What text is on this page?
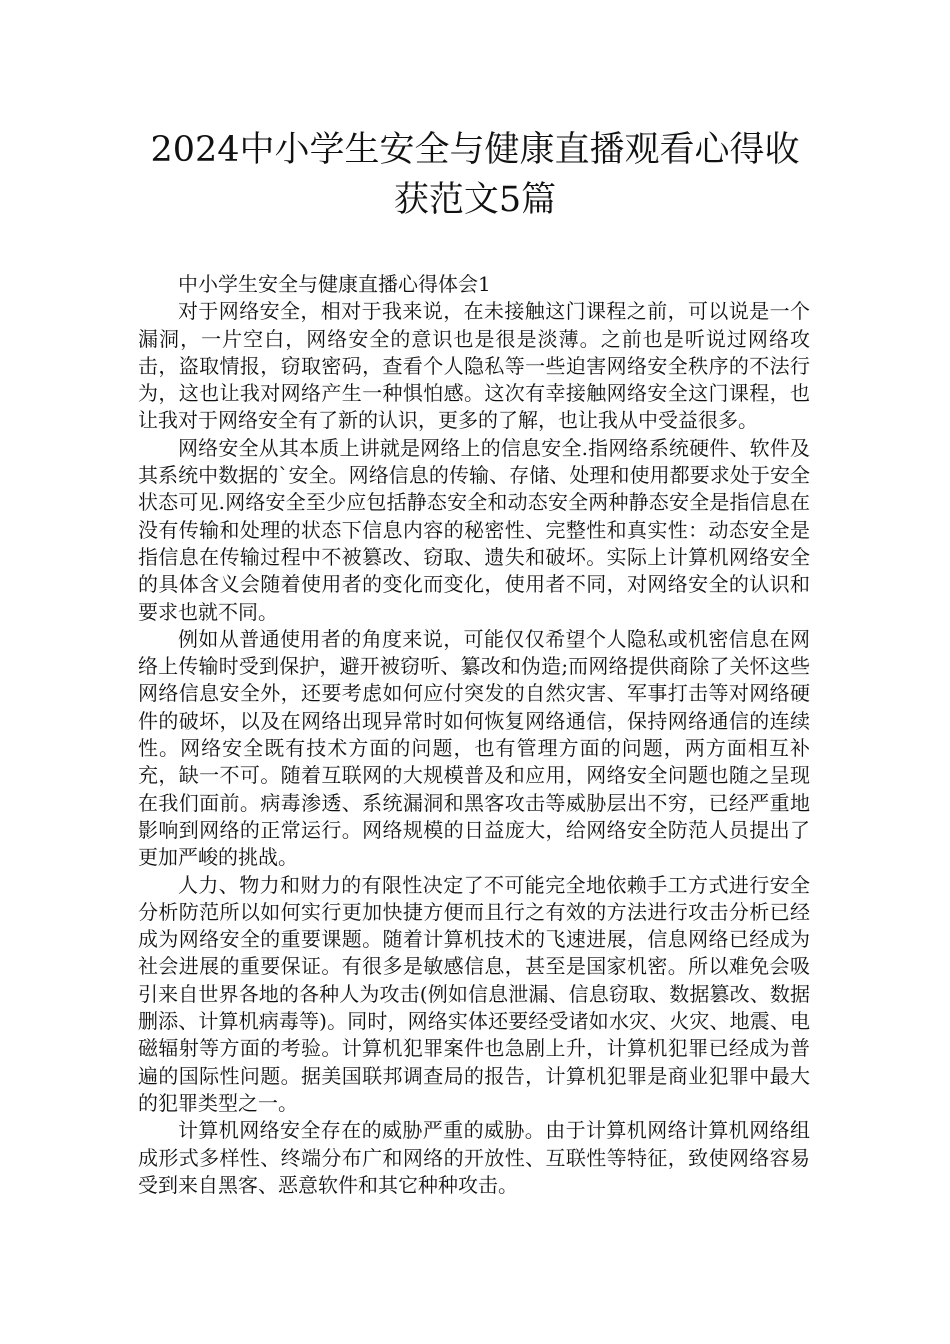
2024中小学生安全与健康直播观看心得收
获范文5篇

中小学生安全与健康直播心得体会1

对于网络安全，相对于我来说，在未接触这门课程之前，可以说是一个漏洞，一片空白，网络安全的意识也是很是淡薄。之前也是听说过网络攻击，盗取情报，窃取密码，查看个人隐私等一些迫害网络安全秩序的不法行为，这也让我对网络产生一种惧怕感。这次有幸接触网络安全这门课程，也让我对于网络安全有了新的认识，更多的了解，也让我从中受益很多。

网络安全从其本质上讲就是网络上的信息安全.指网络系统硬件、软件及其系统中数据的`安全。网络信息的传输、存储、处理和使用都要求处于安全状态可见.网络安全至少应包括静态安全和动态安全两种静态安全是指信息在没有传输和处理的状态下信息内容的秘密性、完整性和真实性：动态安全是指信息在传输过程中不被篡改、窃取、遗失和破坏。实际上计算机网络安全的具体含义会随着使用者的变化而变化，使用者不同，对网络安全的认识和要求也就不同。

例如从普通使用者的角度来说，可能仅仅希望个人隐私或机密信息在网络上传输时受到保护，避开被窃听、纂改和伪造;而网络提供商除了关怀这些网络信息安全外，还要考虑如何应付突发的自然灾害、军事打击等对网络硬件的破坏，以及在网络出现异常时如何恢复网络通信，保持网络通信的连续性。网络安全既有技术方面的问题，也有管理方面的问题，两方面相互补充，缺一不可。随着互联网的大规模普及和应用，网络安全问题也随之呈现在我们面前。病毒渗透、系统漏洞和黑客攻击等威胁层出不穷，已经严重地影响到网络的正常运行。网络规模的日益庞大，给网络安全防范人员提出了更加严峻的挑战。

人力、物力和财力的有限性决定了不可能完全地依赖手工方式进行安全分析防范所以如何实行更加快捷方便而且行之有效的方法进行攻击分析已经成为网络安全的重要课题。随着计算机技术的飞速进展，信息网络已经成为社会进展的重要保证。有很多是敏感信息，甚至是国家机密。所以难免会吸引来自世界各地的各种人为攻击(例如信息泄漏、信息窃取、数据篡改、数据删添、计算机病毒等)。同时，网络实体还要经受诸如水灾、火灾、地震、电磁辐射等方面的考验。计算机犯罪案件也急剧上升，计算机犯罪已经成为普遍的国际性问题。据美国联邦调查局的报告，计算机犯罪是商业犯罪中最大的犯罪类型之一。

计算机网络安全存在的威胁严重的威胁。由于计算机网络计算机网络组成形式多样性、终端分布广和网络的开放性、互联性等特征，致使网络容易受到来自黑客、恶意软件和其它种种攻击。
